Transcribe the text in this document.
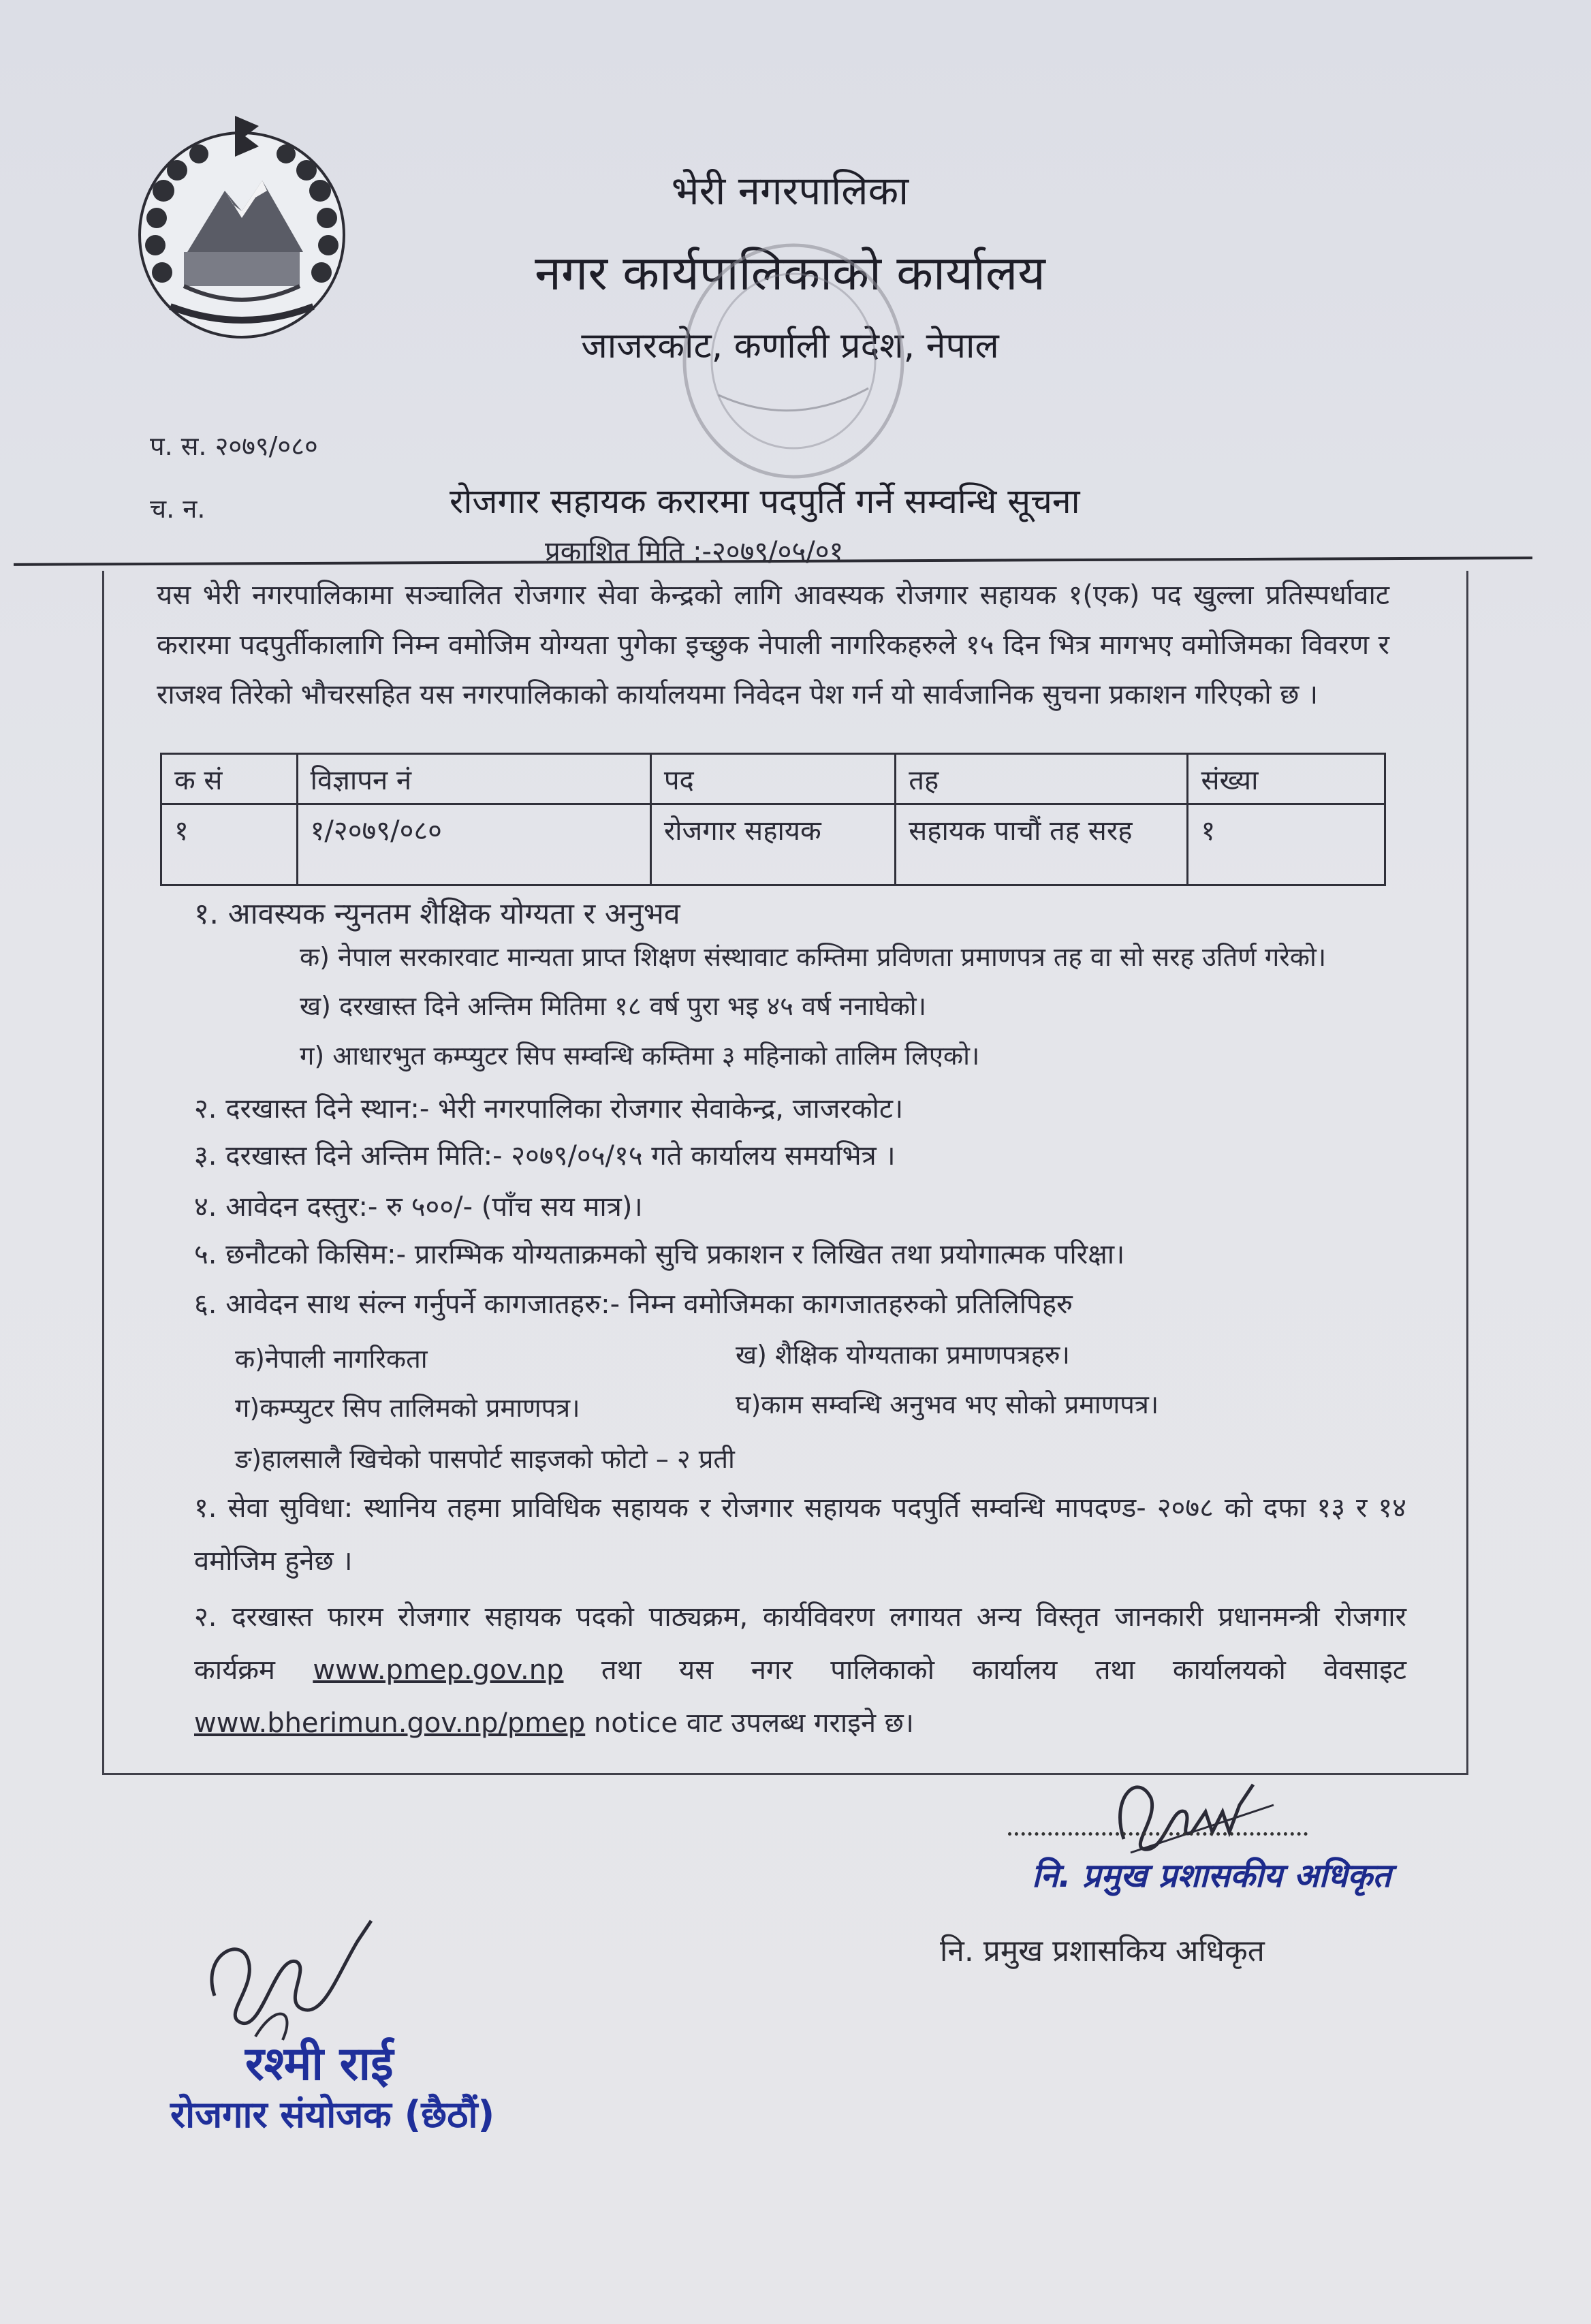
भेरी नगरपालिका
नगर कार्यपालिकाको कार्यालय
जाजरकोट, कर्णाली प्रदेश, नेपाल
प. स. २०७९/०८०
च. न.	रोजगार सहायक करारमा पदपुर्ति गर्ने सम्वन्धि सूचना
प्रकाशित मिति :-२०७९/०५/०१
यस भेरी नगरपालिकामा सञ्चालित रोजगार सेवा केन्द्रको लागि आवस्यक रोजगार सहायक १(एक) पद खुल्ला प्रतिस्पर्धावाट करारमा पदपुर्तीकालागि निम्न वमोजिम योग्यता पुगेका इच्छुक नेपाली नागरिकहरुले १५ दिन भित्र मागभए वमोजिमका विवरण र राजश्व तिरेको भौचरसहित यस नगरपालिकाको कार्यालयमा निवेदन पेश गर्न यो सार्वजानिक सुचना प्रकाशन गरिएको छ ।
क सं	विज्ञापन नं	पद	तह	संख्या
१	१/२०७९/०८०	रोजगार सहायक	सहायक पाचौं तह सरह	१
१. आवस्यक न्युनतम शैक्षिक योग्यता र अनुभव
क) नेपाल सरकारवाट मान्यता प्राप्त शिक्षण संस्थावाट कम्तिमा प्रविणता प्रमाणपत्र तह वा सो सरह उतिर्ण गरेको।
ख) दरखास्त दिने अन्तिम मितिमा १८ वर्ष पुरा भइ ४५ वर्ष ननाघेको।
ग) आधारभुत कम्प्युटर सिप सम्वन्धि कम्तिमा ३ महिनाको तालिम लिएको।
२. दरखास्त दिने स्थान:- भेरी नगरपालिका रोजगार सेवाकेन्द्र, जाजरकोट।
३. दरखास्त दिने अन्तिम मिति:- २०७९/०५/१५ गते कार्यालय समयभित्र ।
४. आवेदन दस्तुर:- रु ५००/- (पाँच सय मात्र)।
५. छनौटको किसिम:- प्रारम्भिक योग्यताक्रमको सुचि प्रकाशन र लिखित तथा प्रयोगात्मक परिक्षा।
६. आवेदन साथ संल्न गर्नुपर्ने कागजातहरु:- निम्न वमोजिमका कागजातहरुको प्रतिलिपिहरु
क)नेपाली नागरिकता	ख) शैक्षिक योग्यताका प्रमाणपत्रहरु।
ग)कम्प्युटर सिप तालिमको प्रमाणपत्र।	घ)काम सम्वन्धि अनुभव भए सोको प्रमाणपत्र।
ङ)हालसालै खिचेको पासपोर्ट साइजको फोटो – २ प्रती
१. सेवा सुविधा: स्थानिय तहमा प्राविधिक सहायक र रोजगार सहायक पदपुर्ति सम्वन्धि मापदण्ड- २०७८ को दफा १३ र १४ वमोजिम हुनेछ ।
२. दरखास्त फारम रोजगार सहायक पदको पाठ्यक्रम, कार्यविवरण लगायत अन्य विस्तृत जानकारी प्रधानमन्त्री रोजगार कार्यक्रम www.pmep.gov.np तथा यस नगर पालिकाको कार्यालय तथा कार्यालयको वेवसाइट www.bherimun.gov.np/pmep notice वाट उपलब्ध गराइने छ।
नि. प्रमुख प्रशासकीय अधिकृत
नि. प्रमुख प्रशासकिय अधिकृत
रश्मी राई
रोजगार संयोजक (छैठौं)
